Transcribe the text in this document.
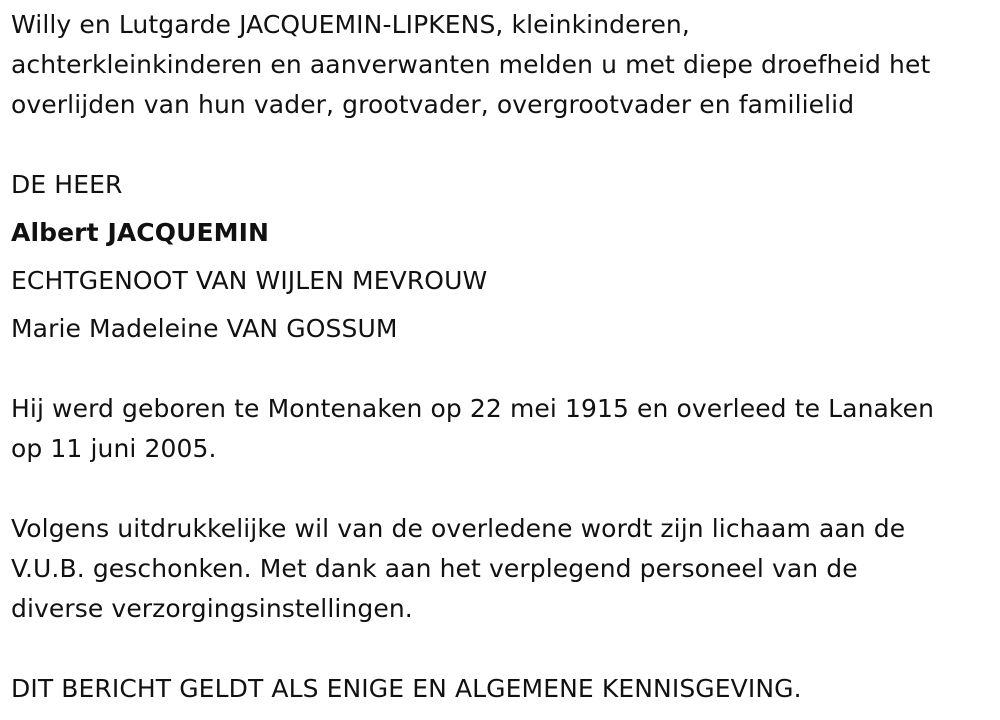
Willy en Lutgarde JACQUEMIN-LIPKENS, kleinkinderen,
achterkleinkinderen en aanverwanten melden u met diepe droefheid het
overlijden van hun vader, grootvader, overgrootvader en familielid
DE HEER
Albert JACQUEMIN
ECHTGENOOT VAN WIJLEN MEVROUW
Marie Madeleine VAN GOSSUM
Hij werd geboren te Montenaken op 22 mei 1915 en overleed te Lanaken
op 11 juni 2005.
Volgens uitdrukkelijke wil van de overledene wordt zijn lichaam aan de
V.U.B. geschonken. Met dank aan het verplegend personeel van de
diverse verzorgingsinstellingen.
DIT BERICHT GELDT ALS ENIGE EN ALGEMENE KENNISGEVING.
